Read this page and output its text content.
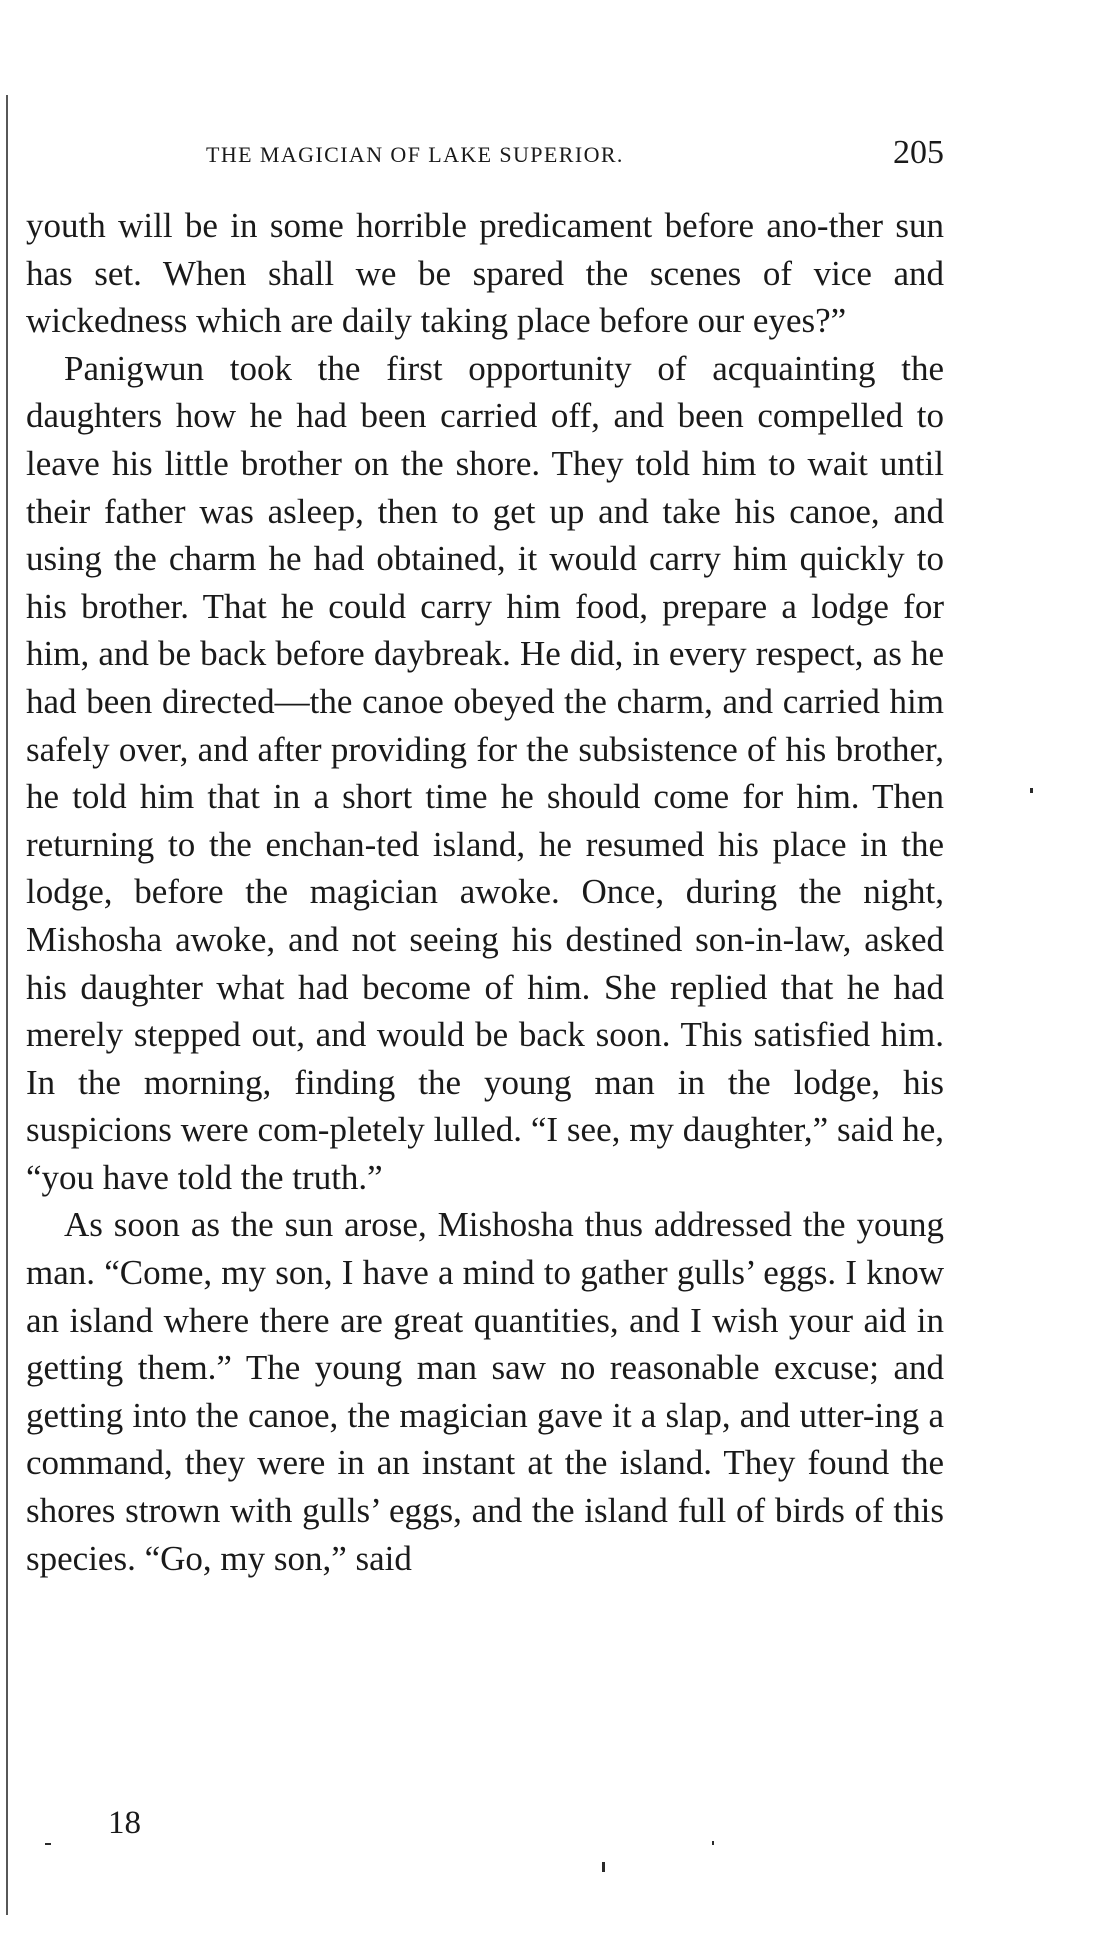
THE MAGICIAN OF LAKE SUPERIOR.	205

youth will be in some horrible predicament before ano-ther sun has set. When shall we be spared the scenes of vice and wickedness which are daily taking place before our eyes?”

Panigwun took the first opportunity of acquainting the daughters how he had been carried off, and been compelled to leave his little brother on the shore. They told him to wait until their father was asleep, then to get up and take his canoe, and using the charm he had obtained, it would carry him quickly to his brother. That he could carry him food, prepare a lodge for him, and be back before daybreak. He did, in every respect, as he had been directed—the canoe obeyed the charm, and carried him safely over, and after providing for the subsistence of his brother, he told him that in a short time he should come for him. Then returning to the enchan-ted island, he resumed his place in the lodge, before the magician awoke. Once, during the night, Mishosha awoke, and not seeing his destined son-in-law, asked his daughter what had become of him. She replied that he had merely stepped out, and would be back soon. This satisfied him. In the morning, finding the young man in the lodge, his suspicions were com-pletely lulled. “I see, my daughter,” said he, “you have told the truth.”

As soon as the sun arose, Mishosha thus addressed the young man. “Come, my son, I have a mind to gather gulls’ eggs. I know an island where there are great quantities, and I wish your aid in getting them.” The young man saw no reasonable excuse; and getting into the canoe, the magician gave it a slap, and utter-ing a command, they were in an instant at the island. They found the shores strown with gulls’ eggs, and the island full of birds of this species. “Go, my son,” said

18
